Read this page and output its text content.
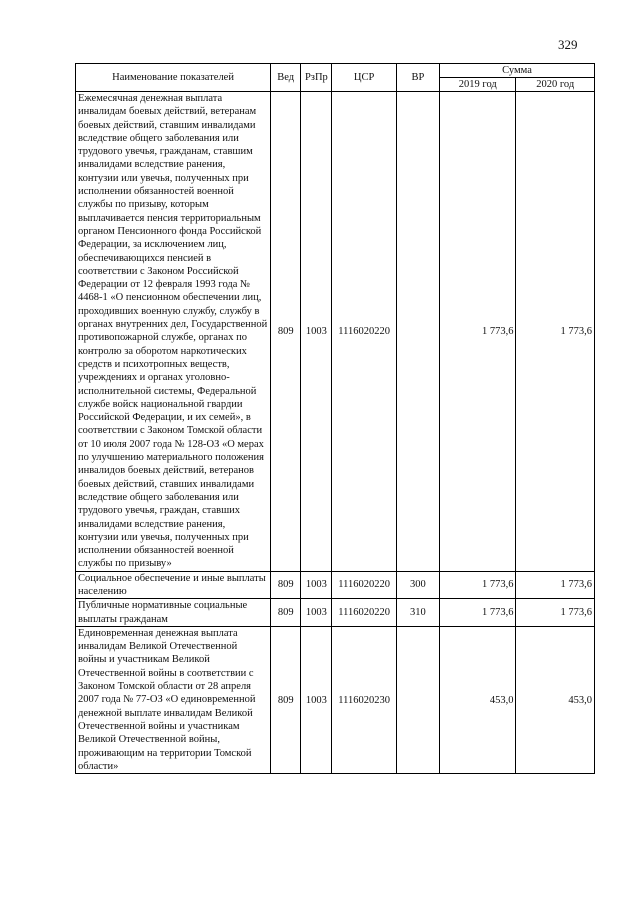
329
Наименование показателей	Вед	РзПр	ЦСР	ВР	Сумма	
					2019 год	2020 год
Ежемесячная денежная выплата инвалидам боевых действий, ветеранам боевых действий, ставшим инвалидами вследствие общего заболевания или трудового увечья, гражданам, ставшим инвалидами вследствие ранения, контузии или увечья, полученных при исполнении обязанностей военной службы по призыву, которым выплачивается пенсия территориальным органом Пенсионного фонда Российской Федерации, за исключением лиц, обеспечивающихся пенсией в соответствии с Законом Российской Федерации от 12 февраля 1993 года № 4468-1 «О пенсионном обеспечении лиц, проходивших военную службу, службу в органах внутренних дел, Государственной противопожарной службе, органах по контролю за оборотом наркотических средств и психотропных веществ, учреждениях и органах уголовно-исполнительной системы, Федеральной службе войск национальной гвардии Российской Федерации, и их семей», в соответствии с Законом Томской области от 10 июля 2007 года № 128-ОЗ «О мерах по улучшению материального положения инвалидов боевых действий, ветеранов боевых действий, ставших инвалидами вследствие общего заболевания или трудового увечья, граждан, ставших инвалидами вследствие ранения, контузии или увечья, полученных при исполнении обязанностей военной службы по призыву»	809	1003	1116020220		1 773,6	1 773,6
Социальное обеспечение и иные выплаты населению	809	1003	1116020220	300	1 773,6	1 773,6
Публичные нормативные социальные выплаты гражданам	809	1003	1116020220	310	1 773,6	1 773,6
Единовременная денежная выплата инвалидам Великой Отечественной войны и участникам Великой Отечественной войны в соответствии с Законом Томской области от 28 апреля 2007 года № 77-ОЗ «О единовременной денежной выплате инвалидам Великой Отечественной войны и участникам Великой Отечественной войны, проживающим на территории Томской области»	809	1003	1116020230		453,0	453,0
